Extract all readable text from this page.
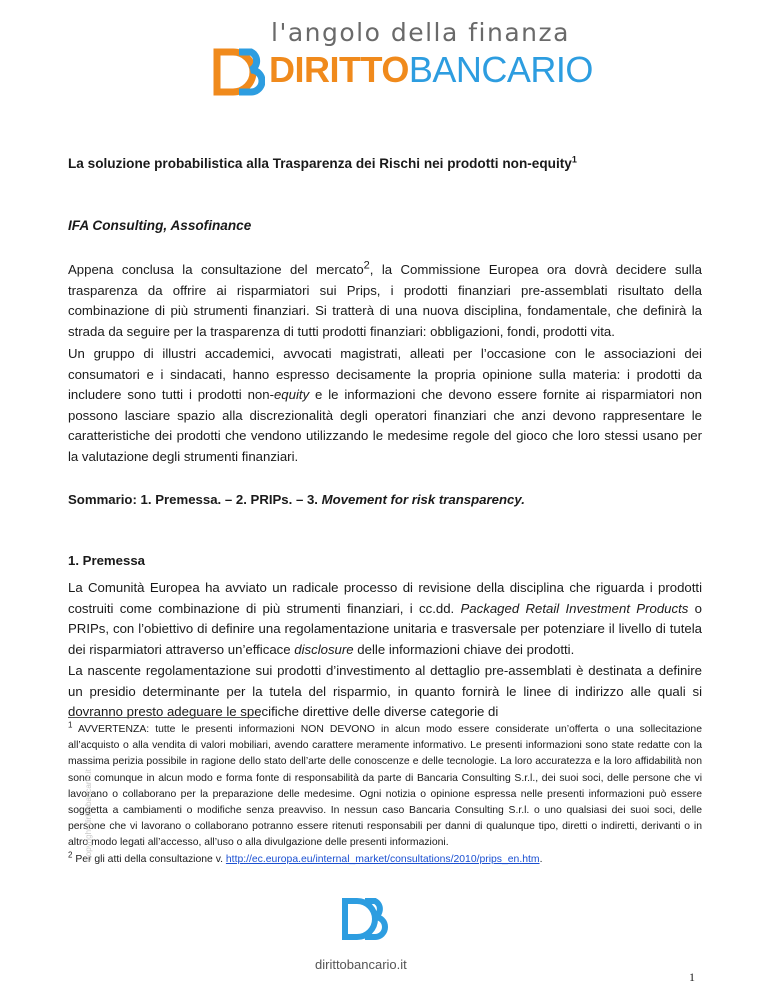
l'angolo della finanza
DIRITTOBANCARIO
La soluzione probabilistica alla Trasparenza dei Rischi nei prodotti non-equity$^1$
IFA Consulting, Assofinance
Appena conclusa la consultazione del mercato$^2$, la Commissione Europea ora dovrà decidere sulla trasparenza da offrire ai risparmiatori sui Prips, i prodotti finanziari pre-assemblati risultato della combinazione di più strumenti finanziari. Si tratterà di una nuova disciplina, fondamentale, che definirà la strada da seguire per la trasparenza di tutti prodotti finanziari: obbligazioni, fondi, prodotti vita.
Un gruppo di illustri accademici, avvocati magistrati, alleati per l’occasione con le associazioni dei consumatori e i sindacati, hanno espresso decisamente la propria opinione sulla materia: i prodotti da includere sono tutti i prodotti non-equity e le informazioni che devono essere fornite ai risparmiatori non possono lasciare spazio alla discrezionalità degli operatori finanziari che anzi devono rappresentare le caratteristiche dei prodotti che vendono utilizzando le medesime regole del gioco che loro stessi usano per la valutazione degli strumenti finanziari.
Sommario: 1. Premessa. – 2. PRIPs. – 3. Movement for risk transparency.
1. Premessa
La Comunità Europea ha avviato un radicale processo di revisione della disciplina che riguarda i prodotti costruiti come combinazione di più strumenti finanziari, i cc.dd. Packaged Retail Investment Products o PRIPs, con l’obiettivo di definire una regolamentazione unitaria e trasversale per potenziare il livello di tutela dei risparmiatori attraverso un’efficace disclosure delle informazioni chiave dei prodotti.
La nascente regolamentazione sui prodotti d’investimento al dettaglio pre-assemblati è destinata a definire un presidio determinante per la tutela del risparmio, in quanto fornirà le linee di indirizzo alle quali si dovranno presto adeguare le specifiche direttive delle diverse categorie di
$^1$ AVVERTENZA: tutte le presenti informazioni NON DEVONO in alcun modo essere considerate un’offerta o una sollecitazione all’acquisto o alla vendita di valori mobiliari, avendo carattere meramente informativo. Le presenti informazioni sono state redatte con la massima perizia possibile in ragione dello stato dell’arte delle conoscenze e delle tecnologie. La loro accuratezza e la loro affidabilità non sono comunque in alcun modo e forma fonte di responsabilità da parte di Bancaria Consulting S.r.l., dei suoi soci, delle persone che vi lavorano o collaborano per la preparazione delle medesime. Ogni notizia o opinione espressa nelle presenti informazioni può essere soggetta a cambiamenti o modifiche senza preavviso. In nessun caso Bancaria Consulting S.r.l. o uno qualsiasi dei suoi soci, delle persone che vi lavorano o collaborano potranno essere ritenuti responsabili per danni di qualunque tipo, diretti o indiretti, derivanti o in altro modo legati all’accesso, all’uso o alla divulgazione delle presenti informazioni.
$^2$ Per gli atti della consultazione v. http://ec.europa.eu/internal_market/consultations/2010/prips_en.htm.
Copyright dirittobancario.it
dirittobancario.it
1
